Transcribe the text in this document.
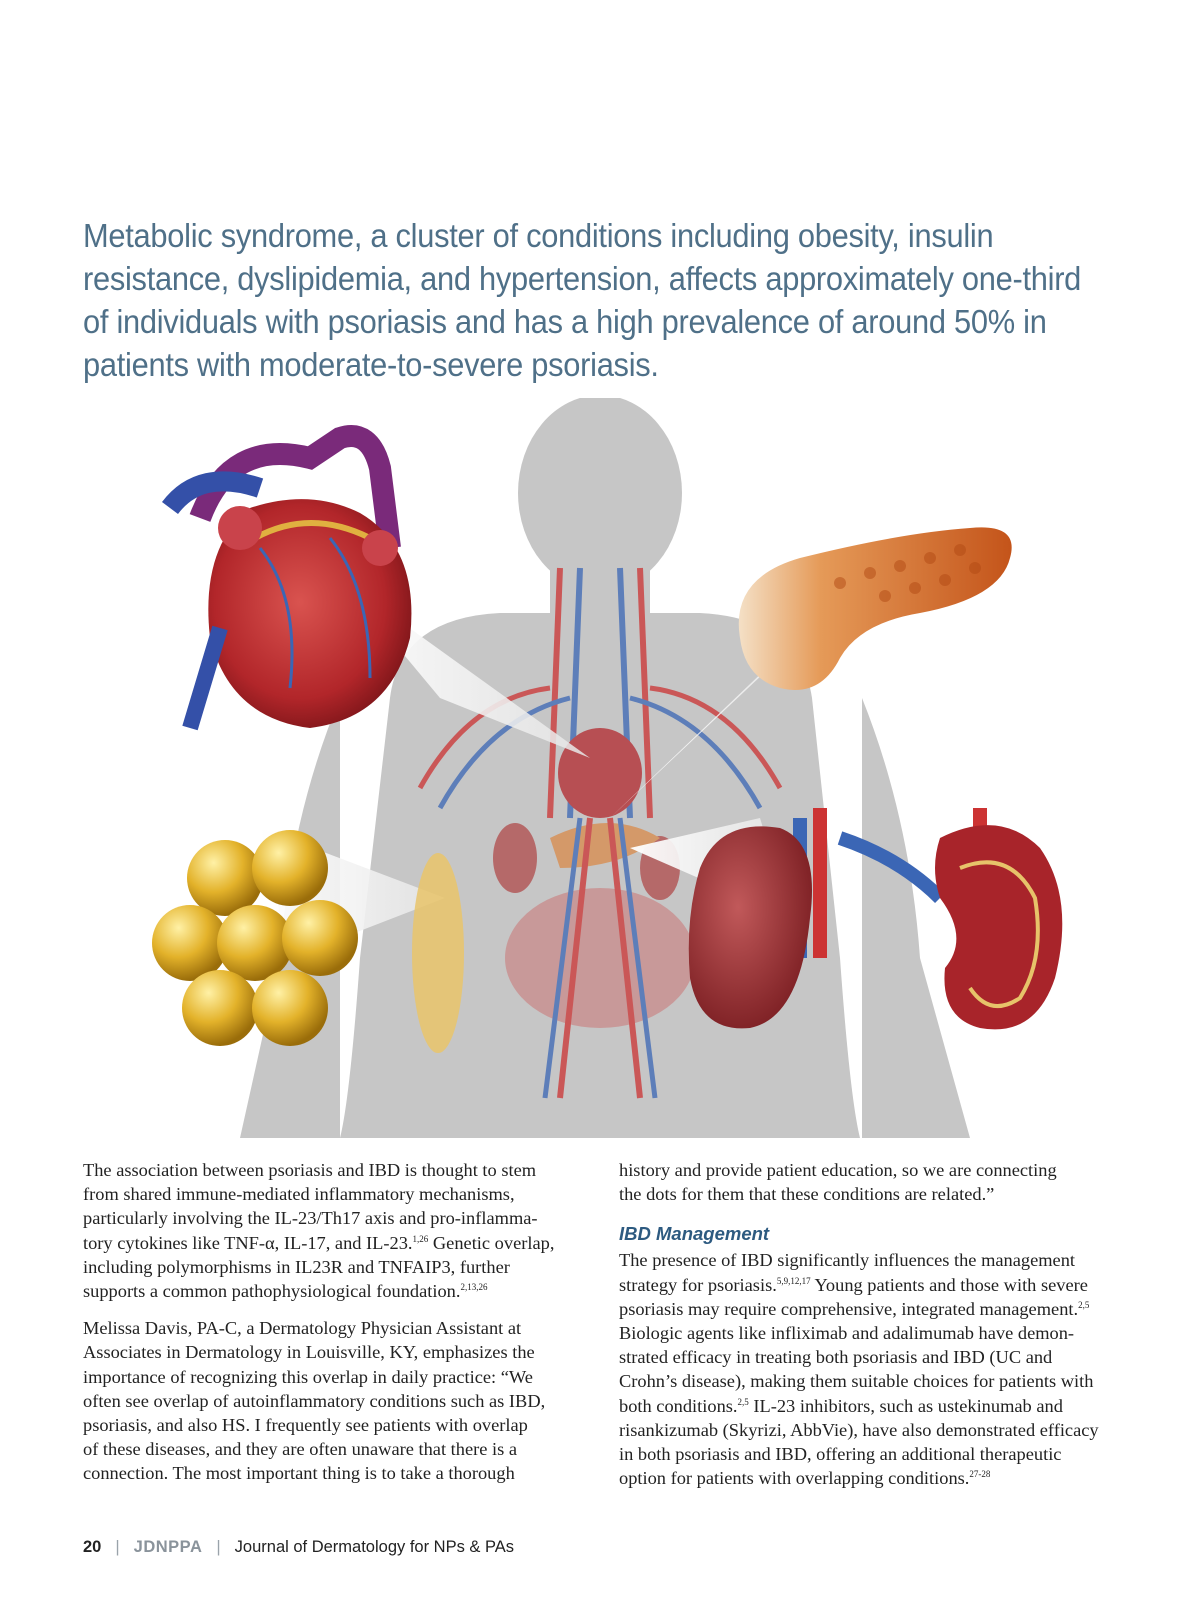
Metabolic syndrome, a cluster of conditions including obesity, insulin
resistance, dyslipidemia, and hypertension, affects approximately one-third
of individuals with psoriasis and has a high prevalence of around 50% in
patients with moderate-to-severe psoriasis.

The association between psoriasis and IBD is thought to stem
from shared immune-mediated inflammatory mechanisms,
particularly involving the IL-23/Th17 axis and pro-inflamma-
tory cytokines like TNF-α, IL-17, and IL-23.$^{1,26}$ Genetic overlap,
including polymorphisms in IL23R and TNFAIP3, further
supports a common pathophysiological foundation.$^{2,13,26}$

Melissa Davis, PA-C, a Dermatology Physician Assistant at
Associates in Dermatology in Louisville, KY, emphasizes the
importance of recognizing this overlap in daily practice: “We
often see overlap of autoinflammatory conditions such as IBD,
psoriasis, and also HS. I frequently see patients with overlap
of these diseases, and they are often unaware that there is a
connection. The most important thing is to take a thorough

history and provide patient education, so we are connecting
the dots for them that these conditions are related.”

IBD Management

The presence of IBD significantly influences the management
strategy for psoriasis.$^{5,9,12,17}$ Young patients and those with severe
psoriasis may require comprehensive, integrated management.$^{2,5}$
Biologic agents like infliximab and adalimumab have demon-
strated efficacy in treating both psoriasis and IBD (UC and
Crohn’s disease), making them suitable choices for patients with
both conditions.$^{2,5}$ IL-23 inhibitors, such as ustekinumab and
risankizumab (Skyrizi, AbbVie), have also demonstrated efficacy
in both psoriasis and IBD, offering an additional therapeutic
option for patients with overlapping conditions.$^{27-28}$

20 | JDNPPA | Journal of Dermatology for NPs & PAs
